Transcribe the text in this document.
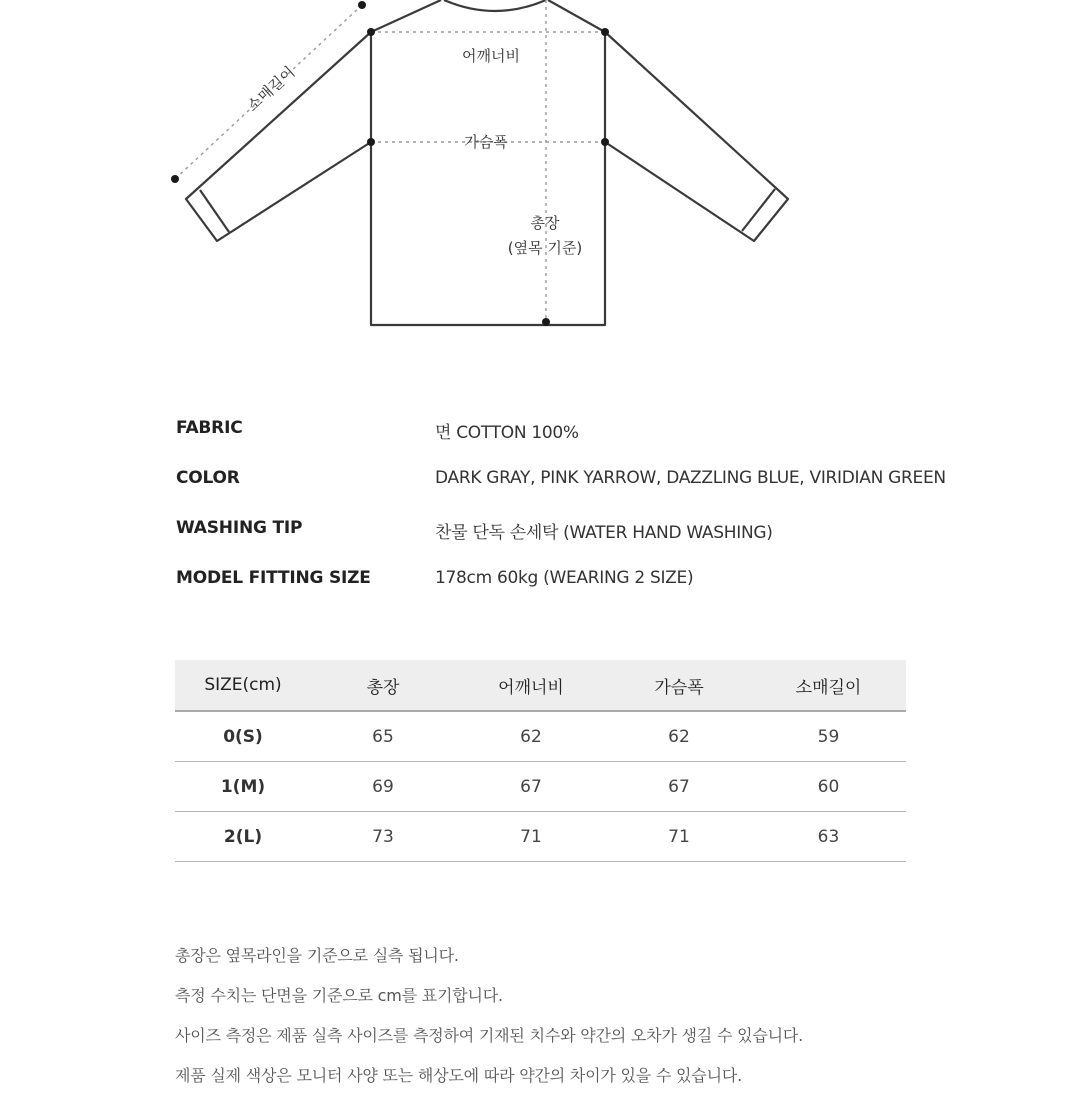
어깨너비
가슴폭
총장
(옆목 기준)
소매길이
FABRIC	면 COTTON 100%
COLOR	DARK GRAY, PINK YARROW, DAZZLING BLUE, VIRIDIAN GREEN
WASHING TIP	찬물 단독 손세탁 (WATER HAND WASHING)
MODEL FITTING SIZE	178cm 60kg (WEARING 2 SIZE)
SIZE(cm)	총장	어깨너비	가슴폭	소매길이
0(S)	65	62	62	59
1(M)	69	67	67	60
2(L)	73	71	71	63
총장은 옆목라인을 기준으로 실측 됩니다.
측정 수치는 단면을 기준으로 cm를 표기합니다.
사이즈 측정은 제품 실측 사이즈를 측정하여 기재된 치수와 약간의 오차가 생길 수 있습니다.
제품 실제 색상은 모니터 사양 또는 해상도에 따라 약간의 차이가 있을 수 있습니다.
